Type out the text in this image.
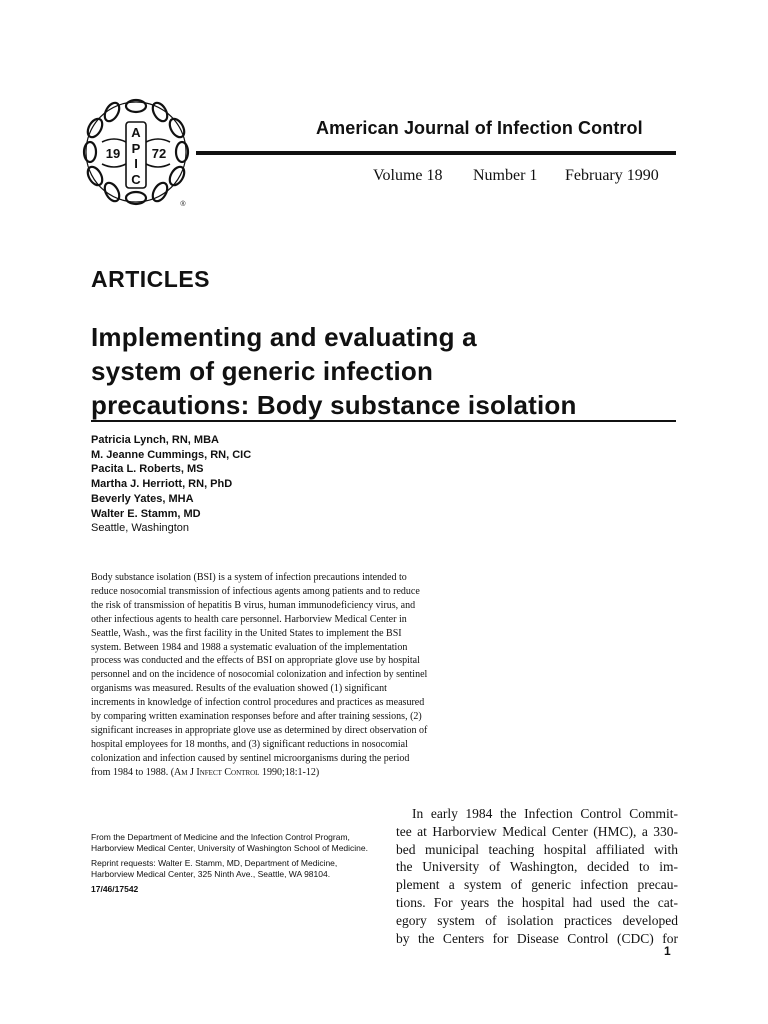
A
P
I
C
19 72
®
American Journal of Infection Control
Volume 18 Number 1 February 1990
ARTICLES
Implementing and evaluating a
system of generic infection
precautions: Body substance isolation
Patricia Lynch, RN, MBA
M. Jeanne Cummings, RN, CIC
Pacita L. Roberts, MS
Martha J. Herriott, RN, PhD
Beverly Yates, MHA
Walter E. Stamm, MD
Seattle, Washington
Body substance isolation (BSI) is a system of infection precautions intended to
reduce nosocomial transmission of infectious agents among patients and to reduce
the risk of transmission of hepatitis B virus, human immunodeficiency virus, and
other infectious agents to health care personnel. Harborview Medical Center in
Seattle, Wash., was the first facility in the United States to implement the BSI
system. Between 1984 and 1988 a systematic evaluation of the implementation
process was conducted and the effects of BSI on appropriate glove use by hospital
personnel and on the incidence of nosocomial colonization and infection by sentinel
organisms was measured. Results of the evaluation showed (1) significant
increments in knowledge of infection control procedures and practices as measured
by comparing written examination responses before and after training sessions, (2)
significant increases in appropriate glove use as determined by direct observation of
hospital employees for 18 months, and (3) significant reductions in nosocomial
colonization and infection caused by sentinel microorganisms during the period
from 1984 to 1988. (Am J Infect Control 1990;18:1-12)

From the Department of Medicine and the Infection Control Program, Harborview Medical Center, University of Washington School of Medicine.

Reprint requests: Walter E. Stamm, MD, Department of Medicine, Harborview Medical Center, 325 Ninth Ave., Seattle, WA 98104.

17/46/17542

In early 1984 the Infection Control Commit-
tee at Harborview Medical Center (HMC), a 330-
bed municipal teaching hospital affiliated with
the University of Washington, decided to im-
plement a system of generic infection precau-
tions. For years the hospital had used the cat-
egory system of isolation practices developed
by the Centers for Disease Control (CDC) for
1
